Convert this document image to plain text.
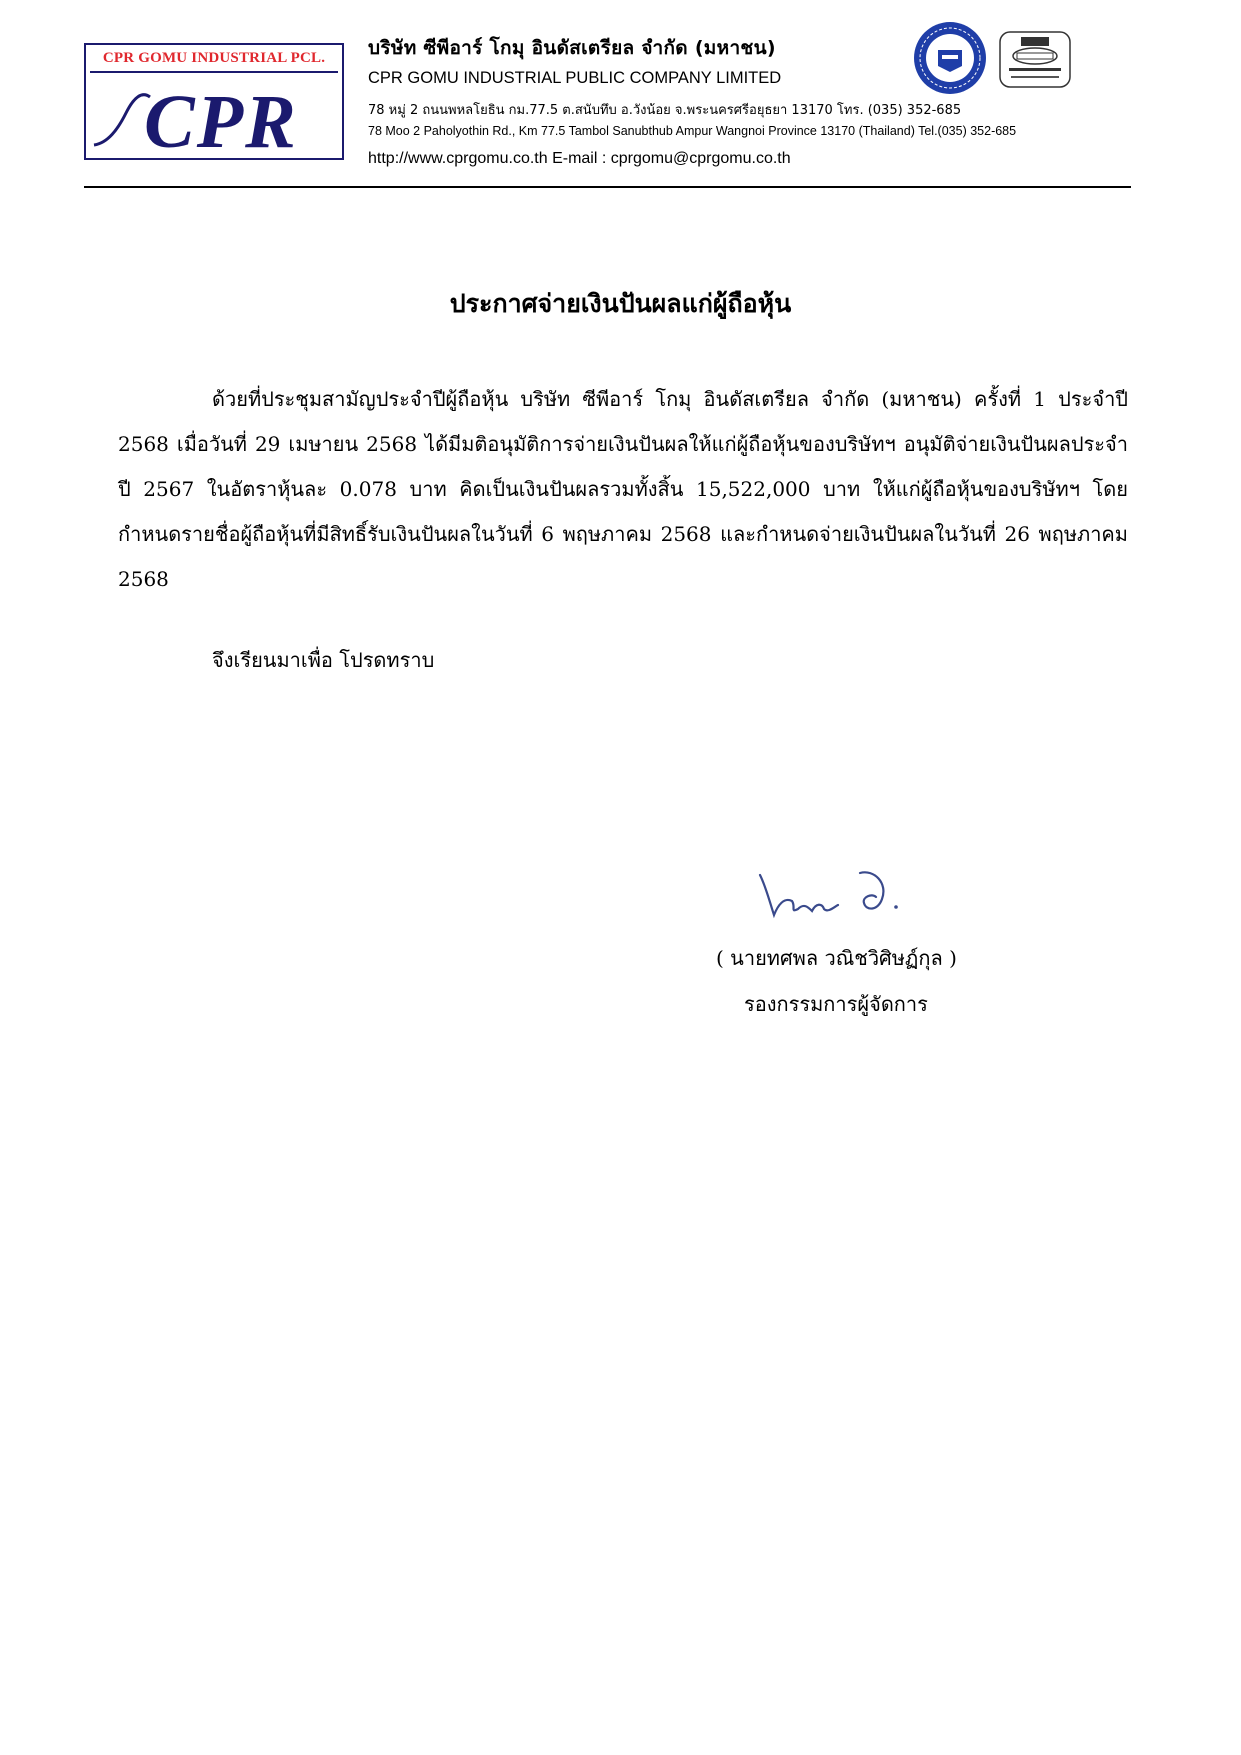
CPR GOMU INDUSTRIAL PCL.
CPR
บริษัท ซีพีอาร์ โกมุ อินดัสเตรียล จำกัด (มหาชน)
CPR GOMU INDUSTRIAL PUBLIC COMPANY LIMITED
78 หมู่ 2 ถนนพหลโยธิน กม.77.5 ต.สนับทึบ อ.วังน้อย จ.พระนครศรีอยุธยา 13170 โทร. (035) 352-685
78 Moo 2 Paholyothin Rd., Km 77.5 Tambol Sanubthub Ampur Wangnoi Province 13170 (Thailand) Tel.(035) 352-685
http://www.cprgomu.co.th E-mail : cprgomu@cprgomu.co.th
ประกาศจ่ายเงินปันผลแก่ผู้ถือหุ้น
ด้วยที่ประชุมสามัญประจำปีผู้ถือหุ้น บริษัท ซีพีอาร์ โกมุ อินดัสเตรียล จำกัด (มหาชน) ครั้งที่ 1 ประจำปี 2568 เมื่อวันที่ 29 เมษายน 2568 ได้มีมติอนุมัติการจ่ายเงินปันผลให้แก่ผู้ถือหุ้นของบริษัทฯ อนุมัติจ่ายเงินปันผลประจำปี 2567 ในอัตราหุ้นละ 0.078 บาท คิดเป็นเงินปันผลรวมทั้งสิ้น 15,522,000 บาท ให้แก่ผู้ถือหุ้นของบริษัทฯ โดยกำหนดรายชื่อผู้ถือหุ้นที่มีสิทธิ์รับเงินปันผลในวันที่ 6 พฤษภาคม 2568 และกำหนดจ่ายเงินปันผลในวันที่ 26 พฤษภาคม 2568
จึงเรียนมาเพื่อ โปรดทราบ
( นายทศพล วณิชวิศิษฏ์กุล )
รองกรรมการผู้จัดการ
